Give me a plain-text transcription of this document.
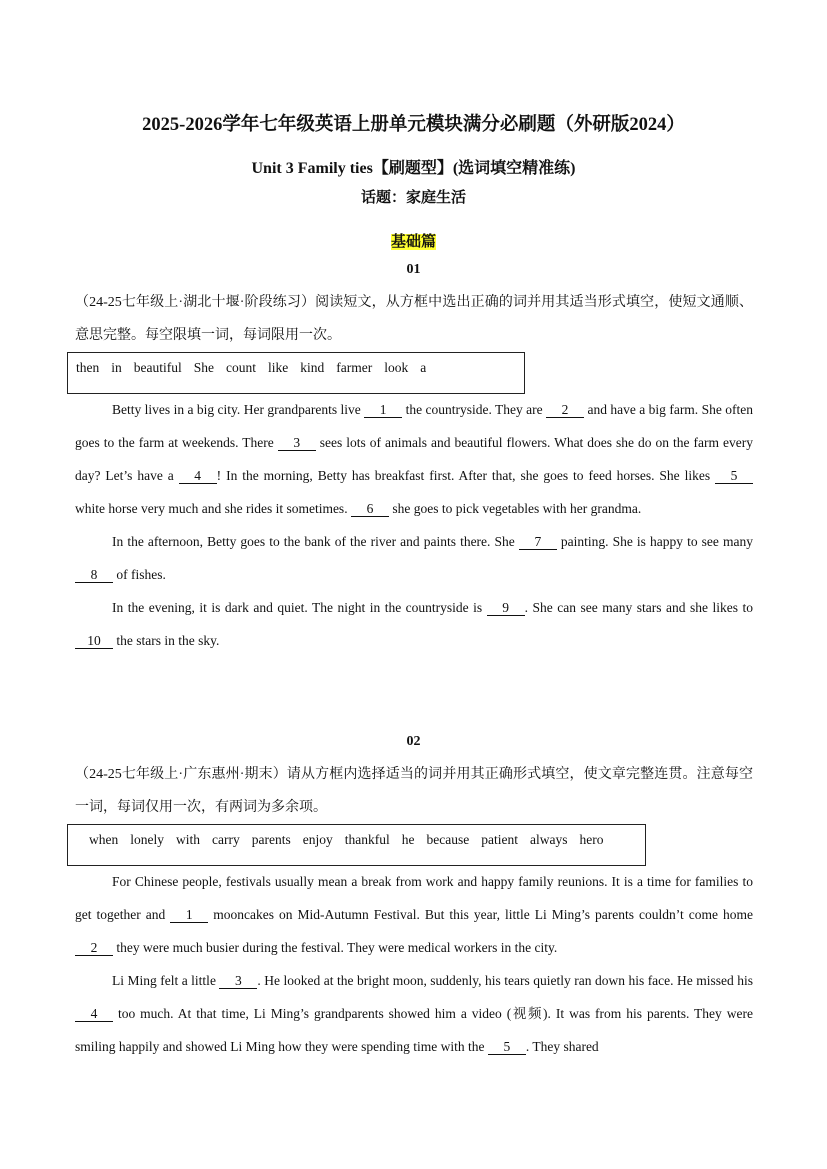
2025-2026学年七年级英语上册单元模块满分必刷题（外研版2024）
Unit 3 Family ties【刷题型】(选词填空精准练)
话题：家庭生活
基础篇
01
（24-25七年级上·湖北十堰·阶段练习）阅读短文，从方框中选出正确的词并用其适当形式填空，使短文通顺、意思完整。每空限填一词，每词限用一次。
then in beautiful She count like kind farmer look a

Betty lives in a big city. Her grandparents live 1 the countryside. They are 2 and have a big farm. She often goes to the farm at weekends. There 3 sees lots of animals and beautiful flowers. What does she do on the farm every day? Let’s have a 4 ! In the morning, Betty has breakfast first. After that, she goes to feed horses. She likes 5 white horse very much and she rides it sometimes. 6 she goes to pick vegetables with her grandma.

In the afternoon, Betty goes to the bank of the river and paints there. She 7 painting. She is happy to see many 8 of fishes.

In the evening, it is dark and quiet. The night in the countryside is 9 . She can see many stars and she likes to 10 the stars in the sky.

02
（24-25七年级上·广东惠州·期末）请从方框内选择适当的词并用其正确形式填空，使文章完整连贯。注意每空一词，每词仅用一次，有两词为多余项。
when lonely with carry parents enjoy thankful he because patient always hero

For Chinese people, festivals usually mean a break from work and happy family reunions. It is a time for families to get together and 1 mooncakes on Mid-Autumn Festival. But this year, little Li Ming’s parents couldn’t come home 2 they were much busier during the festival. They were medical workers in the city.

Li Ming felt a little 3 . He looked at the bright moon, suddenly, his tears quietly ran down his face. He missed his 4 too much. At that time, Li Ming’s grandparents showed him a video (视频). It was from his parents. They were smiling happily and showed Li Ming how they were spending time with the 5 . They shared
